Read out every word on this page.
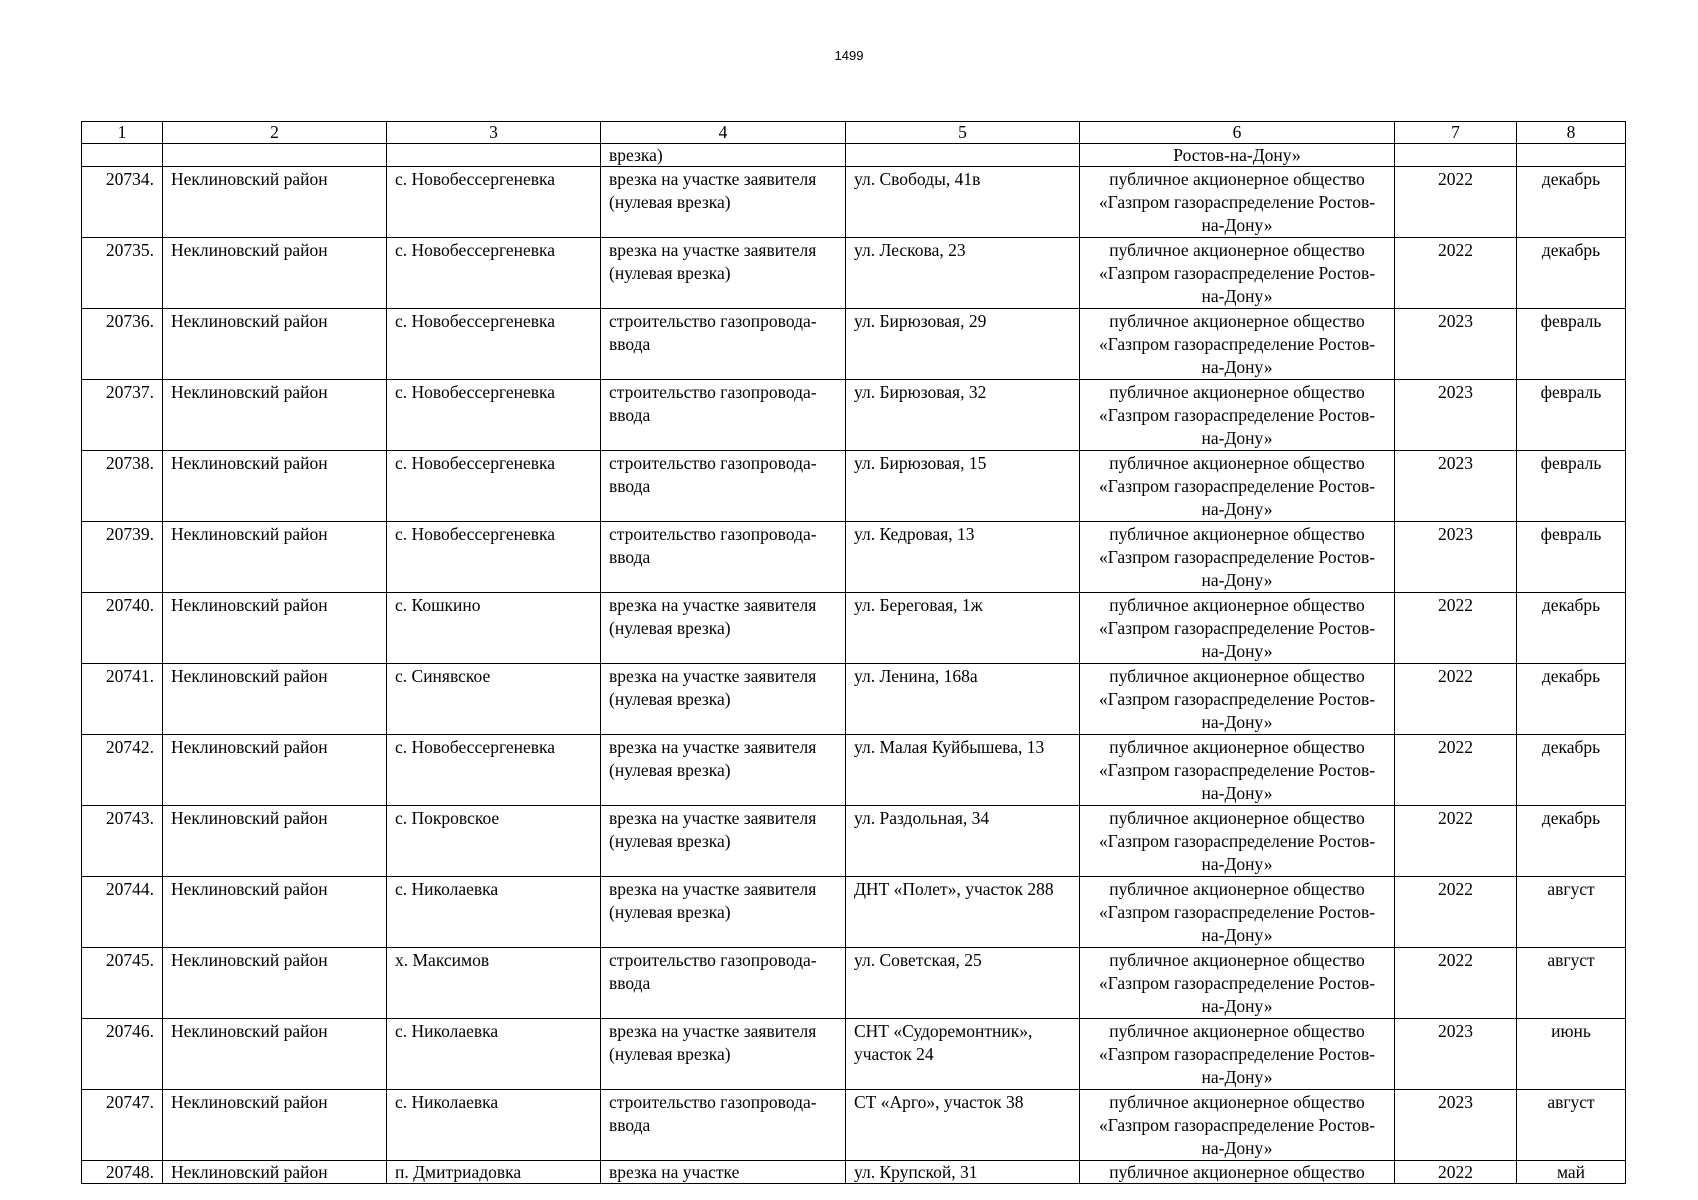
1499
1	2	3	4	5	6	7	8
			врезка)		Ростов-на-Дону»		
20734.	Неклиновский район	с. Новобессергеневка	врезка на участке заявителя (нулевая врезка)	ул. Свободы, 41в	публичное акционерное общество «Газпром газораспределение Ростов-на-Дону»	2022	декабрь
20735.	Неклиновский район	с. Новобессергеневка	врезка на участке заявителя (нулевая врезка)	ул. Лескова, 23	публичное акционерное общество «Газпром газораспределение Ростов-на-Дону»	2022	декабрь
20736.	Неклиновский район	с. Новобессергеневка	строительство газопровода-ввода	ул. Бирюзовая, 29	публичное акционерное общество «Газпром газораспределение Ростов-на-Дону»	2023	февраль
20737.	Неклиновский район	с. Новобессергеневка	строительство газопровода-ввода	ул. Бирюзовая, 32	публичное акционерное общество «Газпром газораспределение Ростов-на-Дону»	2023	февраль
20738.	Неклиновский район	с. Новобессергеневка	строительство газопровода-ввода	ул. Бирюзовая, 15	публичное акционерное общество «Газпром газораспределение Ростов-на-Дону»	2023	февраль
20739.	Неклиновский район	с. Новобессергеневка	строительство газопровода-ввода	ул. Кедровая, 13	публичное акционерное общество «Газпром газораспределение Ростов-на-Дону»	2023	февраль
20740.	Неклиновский район	с. Кошкино	врезка на участке заявителя (нулевая врезка)	ул. Береговая, 1ж	публичное акционерное общество «Газпром газораспределение Ростов-на-Дону»	2022	декабрь
20741.	Неклиновский район	с. Синявское	врезка на участке заявителя (нулевая врезка)	ул. Ленина, 168а	публичное акционерное общество «Газпром газораспределение Ростов-на-Дону»	2022	декабрь
20742.	Неклиновский район	с. Новобессергеневка	врезка на участке заявителя (нулевая врезка)	ул. Малая Куйбышева, 13	публичное акционерное общество «Газпром газораспределение Ростов-на-Дону»	2022	декабрь
20743.	Неклиновский район	с. Покровское	врезка на участке заявителя (нулевая врезка)	ул. Раздольная, 34	публичное акционерное общество «Газпром газораспределение Ростов-на-Дону»	2022	декабрь
20744.	Неклиновский район	с. Николаевка	врезка на участке заявителя (нулевая врезка)	ДНТ «Полет», участок 288	публичное акционерное общество «Газпром газораспределение Ростов-на-Дону»	2022	август
20745.	Неклиновский район	х. Максимов	строительство газопровода-ввода	ул. Советская, 25	публичное акционерное общество «Газпром газораспределение Ростов-на-Дону»	2022	август
20746.	Неклиновский район	с. Николаевка	врезка на участке заявителя (нулевая врезка)	СНТ «Судоремонтник», участок 24	публичное акционерное общество «Газпром газораспределение Ростов-на-Дону»	2023	июнь
20747.	Неклиновский район	с. Николаевка	строительство газопровода-ввода	СТ «Арго», участок 38	публичное акционерное общество «Газпром газораспределение Ростов-на-Дону»	2023	август
20748.	Неклиновский район	п. Дмитриадовка	врезка на участке	ул. Крупской, 31	публичное акционерное общество	2022	май
